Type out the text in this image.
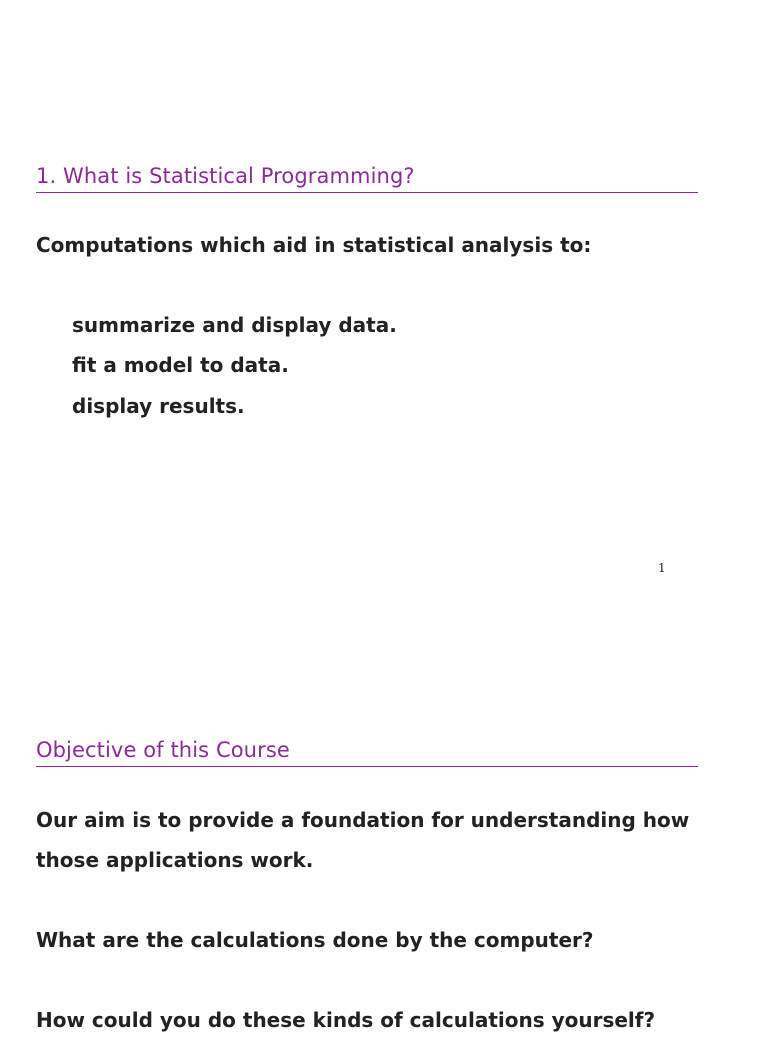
1. What is Statistical Programming?

Computations which aid in statistical analysis to:

summarize and display data.

fit a model to data.

display results.

1
Objective of this Course

Our aim is to provide a foundation for understanding how

those applications work.

What are the calculations done by the computer?

How could you do these kinds of calculations yourself?
